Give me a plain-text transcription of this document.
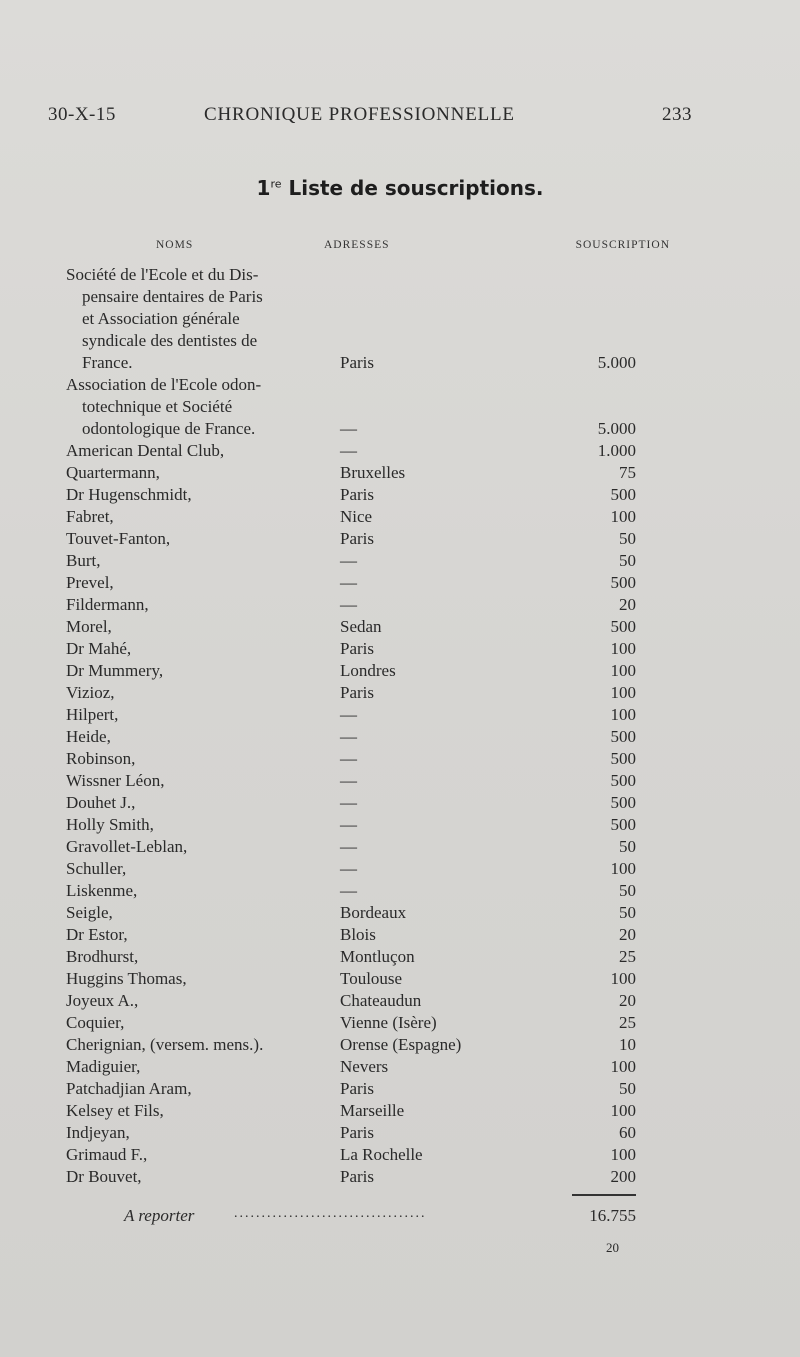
30-X-15	CHRONIQUE PROFESSIONNELLE	233
1re Liste de souscriptions.
NOMS	ADRESSES	SOUSCRIPTION
Société de l'Ecole et du Dis-
pensaire dentaires de Paris
et Association générale
syndicale des dentistes de
France.	Paris	5.000
Association de l'Ecole odon-
totechnique et Société
odontologique de France.	—	5.000
American Dental Club,	—	1.000
Quartermann,	Bruxelles	75
Dr Hugenschmidt,	Paris	500
Fabret,	Nice	100
Touvet-Fanton,	Paris	50
Burt,	—	50
Prevel,	—	500
Fildermann,	—	20
Morel,	Sedan	500
Dr Mahé,	Paris	100
Dr Mummery,	Londres	100
Vizioz,	Paris	100
Hilpert,	—	100
Heide,	—	500
Robinson,	—	500
Wissner Léon,	—	500
Douhet J.,	—	500
Holly Smith,	—	500
Gravollet-Leblan,	—	50
Schuller,	—	100
Liskenme,	—	50
Seigle,	Bordeaux	50
Dr Estor,	Blois	20
Brodhurst,	Montluçon	25
Huggins Thomas,	Toulouse	100
Joyeux A.,	Chateaudun	20
Coquier,	Vienne (Isère)	25
Cherignian, (versem. mens.).	Orense (Espagne)	10
Madiguier,	Nevers	100
Patchadjian Aram,	Paris	50
Kelsey et Fils,	Marseille	100
Indjeyan,	Paris	60
Grimaud F.,	La Rochelle	100
Dr Bouvet,	Paris	200
A reporter	...................................	16.755
20
